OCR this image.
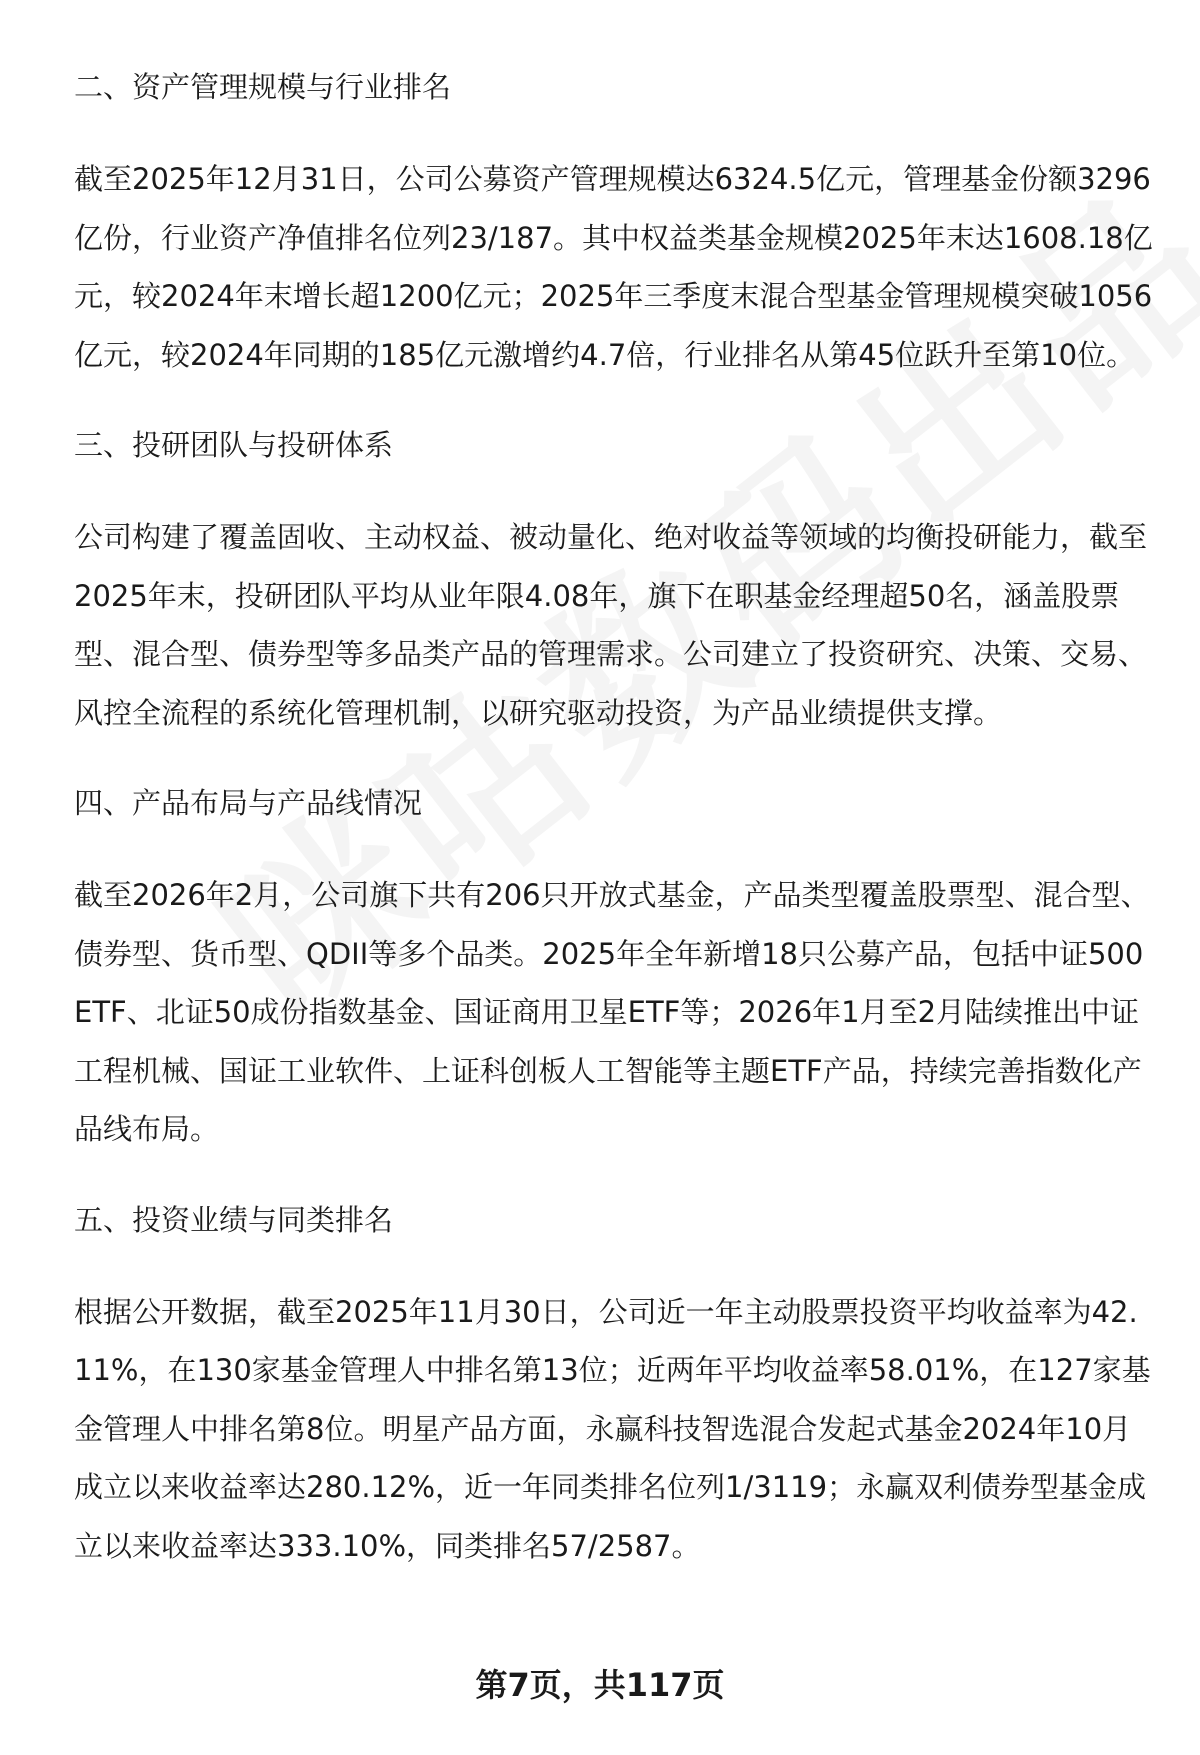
二、资产管理规模与行业排名

截至2025年12月31日，公司公募资产管理规模达6324.5亿元，管理基金份额3296亿份，行业资产净值排名位列23/187。其中权益类基金规模2025年末达1608.18亿元，较2024年末增长超1200亿元；2025年三季度末混合型基金管理规模突破1056亿元，较2024年同期的185亿元激增约4.7倍，行业排名从第45位跃升至第10位。

三、投研团队与投研体系

公司构建了覆盖固收、主动权益、被动量化、绝对收益等领域的均衡投研能力，截至2025年末，投研团队平均从业年限4.08年，旗下在职基金经理超50名，涵盖股票型、混合型、债券型等多品类产品的管理需求。公司建立了投资研究、决策、交易、风控全流程的系统化管理机制，以研究驱动投资，为产品业绩提供支撑。

四、产品布局与产品线情况

截至2026年2月，公司旗下共有206只开放式基金，产品类型覆盖股票型、混合型、债券型、货币型、QDII等多个品类。2025年全年新增18只公募产品，包括中证500ETF、北证50成份指数基金、国证商用卫星ETF等；2026年1月至2月陆续推出中证工程机械、国证工业软件、上证科创板人工智能等主题ETF产品，持续完善指数化产品线布局。

五、投资业绩与同类排名

根据公开数据，截至2025年11月30日，公司近一年主动股票投资平均收益率为42.11%，在130家基金管理人中排名第13位；近两年平均收益率58.01%，在127家基金管理人中排名第8位。明星产品方面，永赢科技智选混合发起式基金2024年10月成立以来收益率达280.12%，近一年同类排名位列1/3119；永赢双利债券型基金成立以来收益率达333.10%，同类排名57/2587。

第7页，共117页
